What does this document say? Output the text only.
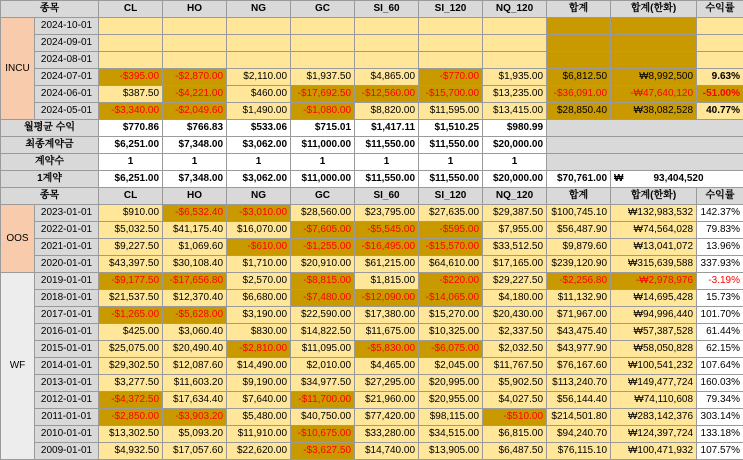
종목		CL	HO	NG	GC	SI_60	SI_120	NQ_120	합계	합계(한화)	수익률
INCU	2024-10-01										
	2024-09-01										
	2024-08-01										
	2024-07-01	-$395.00	-$2,870.00	$2,110.00	$1,937.50	$4,865.00	-$770.00	$1,935.00	$6,812.50	₩8,992,500	9.63%
	2024-06-01	$387.50	-$4,221.00	$460.00	-$17,692.50	-$12,560.00	-$15,700.00	$13,235.00	-$36,091.00	-₩47,640,120	-51.00%
	2024-05-01	-$3,340.00	-$2,049.60	$1,490.00	-$1,080.00	$8,820.00	$11,595.00	$13,415.00	$28,850.40	₩38,082,528	40.77%
월평균 수익		$770.86	$766.83	$533.06	$715.01	$1,417.11	$1,510.25	$980.99			
최종계약금		$6,251.00	$7,348.00	$3,062.00	$11,000.00	$11,550.00	$11,550.00	$20,000.00			
계약수		1	1	1	1	1	1	1			
1계약		$6,251.00	$7,348.00	$3,062.00	$11,000.00	$11,550.00	$11,550.00	$20,000.00	$70,761.00	₩ 93,404,520	
종목		CL	HO	NG	GC	SI_60	SI_120	NQ_120	합계	합계(한화)	수익률
OOS	2023-01-01	$910.00	-$6,532.40	-$3,010.00	$28,560.00	$23,795.00	$27,635.00	$29,387.50	$100,745.10	₩132,983,532	142.37%
	2022-01-01	$5,032.50	$41,175.40	$16,070.00	-$7,605.00	-$5,545.00	-$595.00	$7,955.00	$56,487.90	₩74,564,028	79.83%
	2021-01-01	$9,227.50	$1,069.60	-$610.00	-$1,255.00	-$16,495.00	-$15,570.00	$33,512.50	$9,879.60	₩13,041,072	13.96%
	2020-01-01	$43,397.50	$30,108.40	$1,710.00	$20,910.00	$61,215.00	$64,610.00	$17,165.00	$239,120.90	₩315,639,588	337.93%
WF	2019-01-01	-$9,177.50	-$17,656.80	$2,570.00	-$8,815.00	$1,815.00	-$220.00	$29,227.50	-$2,256.80	-₩2,978,976	-3.19%
	2018-01-01	$21,537.50	$12,370.40	$6,680.00	-$7,480.00	-$12,090.00	-$14,065.00	$4,180.00	$11,132.90	₩14,695,428	15.73%
	2017-01-01	-$1,265.00	-$5,628.00	$3,190.00	$22,590.00	$17,380.00	$15,270.00	$20,430.00	$71,967.00	₩94,996,440	101.70%
	2016-01-01	$425.00	$3,060.40	$830.00	$14,822.50	$11,675.00	$10,325.00	$2,337.50	$43,475.40	₩57,387,528	61.44%
	2015-01-01	$25,075.00	$20,490.40	-$2,810.00	$11,095.00	-$5,830.00	-$6,075.00	$2,032.50	$43,977.90	₩58,050,828	62.15%
	2014-01-01	$29,302.50	$12,087.60	$14,490.00	$2,010.00	$4,465.00	$2,045.00	$11,767.50	$76,167.60	₩100,541,232	107.64%
	2013-01-01	$3,277.50	$11,603.20	$9,190.00	$34,977.50	$27,295.00	$20,995.00	$5,902.50	$113,240.70	₩149,477,724	160.03%
	2012-01-01	-$4,372.50	$17,634.40	$7,640.00	-$11,700.00	$21,960.00	$20,955.00	$4,027.50	$56,144.40	₩74,110,608	79.34%
	2011-01-01	-$2,850.00	-$3,903.20	$5,480.00	$40,750.00	$77,420.00	$98,115.00	-$510.00	$214,501.80	₩283,142,376	303.14%
	2010-01-01	$13,302.50	$5,093.20	$11,910.00	-$10,675.00	$33,280.00	$34,515.00	$6,815.00	$94,240.70	₩124,397,724	133.18%
	2009-01-01	$4,932.50	$17,057.60	$22,620.00	-$3,627.50	$14,740.00	$13,905.00	$6,487.50	$76,115.10	₩100,471,932	107.57%
